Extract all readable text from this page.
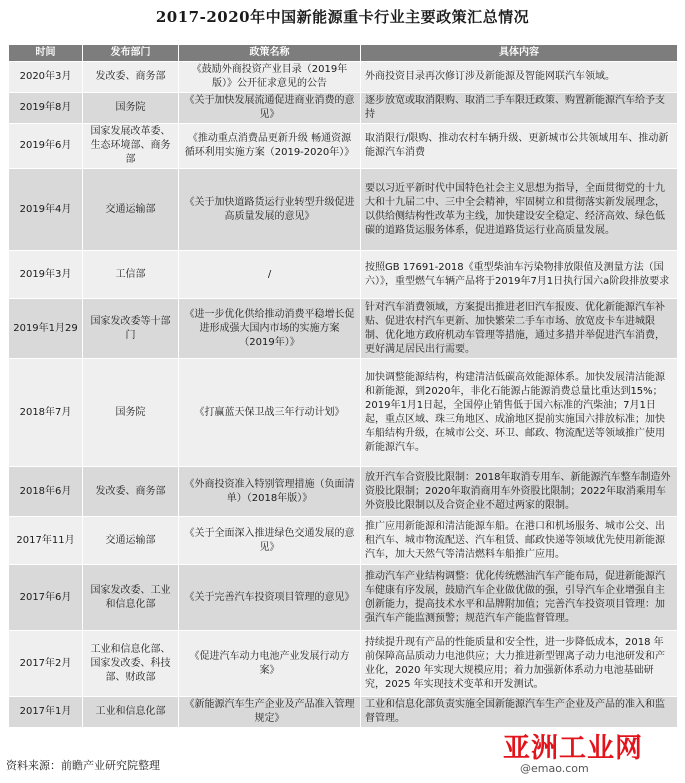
2017-2020年中国新能源重卡行业主要政策汇总情况
时间	发布部门	政策名称	具体内容
2020年3月	发改委、商务部	《鼓励外商投资产业目录（2019年版）》公开征求意见的公告	外商投资目录再次修订涉及新能源及智能网联汽车领域。
2019年8月	国务院	《关于加快发展流通促进商业消费的意见》	逐步放宽或取消限购、取消二手车限迁政策、购置新能源汽车给予支持
2019年6月	国家发展改革委、生态环境部、商务部	《推动重点消费品更新升级 畅通资源循环利用实施方案（2019-2020年）》	取消限行/限购、推动农村车辆升级、更新城市公共领域用车、推动新能源汽车消费
2019年4月	交通运输部	《关于加快道路货运行业转型升级促进高质量发展的意见》	要以习近平新时代中国特色社会主义思想为指导，全面贯彻党的十九大和十九届二中、三中全会精神，牢固树立和贯彻落实新发展理念，以供给侧结构性改革为主线，加快建设安全稳定、经济高效、绿色低碳的道路货运服务体系，促进道路货运行业高质量发展。
2019年3月	工信部	/	按照GB 17691-2018《重型柴油车污染物排放限值及测量方法（国六）》，重型燃气车辆产品将于2019年7月1日执行国六a阶段排放要求
2019年1月29	国家发改委等十部门	《进一步优化供给推动消费平稳增长促进形成强大国内市场的实施方案（2019年）》	针对汽车消费领域，方案提出推进老旧汽车报废、优化新能源汽车补贴、促进农村汽车更新、加快繁荣二手车市场、放宽皮卡车进城限制、优化地方政府机动车管理等措施，通过多措并举促进汽车消费，更好满足居民出行需要。
2018年7月	国务院	《打赢蓝天保卫战三年行动计划》	加快调整能源结构，构建清洁低碳高效能源体系。加快发展清洁能源和新能源，到2020年，非化石能源占能源消费总量比重达到15%；2019年1月1日起，全国停止销售低于国六标准的汽柴油；7月1日起，重点区域、珠三角地区、成渝地区提前实施国六排放标准；加快车船结构升级，在城市公交、环卫、邮政、物流配送等领域推广使用新能源汽车。
2018年6月	发改委、商务部	《外商投资准入特别管理措施（负面清单）（2018年版）》	放开汽车合资股比限制：2018年取消专用车、新能源汽车整车制造外资股比限制；2020年取消商用车外资股比限制；2022年取消乘用车外资股比限制以及合资企业不超过两家的限制。
2017年11月	交通运输部	《关于全面深入推进绿色交通发展的意见》	推广应用新能源和清洁能源车船。在港口和机场服务、城市公交、出租汽车、城市物流配送、汽车租赁、邮政快递等领域优先使用新能源汽车，加大天然气等清洁燃料车船推广应用。
2017年6月	国家发改委、工业和信息化部	《关于完善汽车投资项目管理的意见》	推动汽车产业结构调整：优化传统燃油汽车产能布局，促进新能源汽车健康有序发展，鼓励汽车企业做优做的强，引导汽车企业增强自主创新能力，提高技术水平和品牌附加值；完善汽车投资项目管理：加强汽车产能监测预警；规范汽车产能监督管理。
2017年2月	工业和信息化部、国家发改委、科技部、财政部	《促进汽车动力电池产业发展行动方案》	持续提升现有产品的性能质量和安全性，进一步降低成本，2018 年前保障高品质动力电池供应；大力推进新型锂离子动力电池研发和产业化，2020 年实现大规模应用；着力加强新体系动力电池基础研究，2025 年实现技术变革和开发测试。
2017年1月	工业和信息化部	《新能源汽车生产企业及产品准入管理规定》	工业和信息化部负责实施全国新能源汽车生产企业及产品的准入和监督管理。
资料来源：前瞻产业研究院整理
亚洲工业网
@emao.com
